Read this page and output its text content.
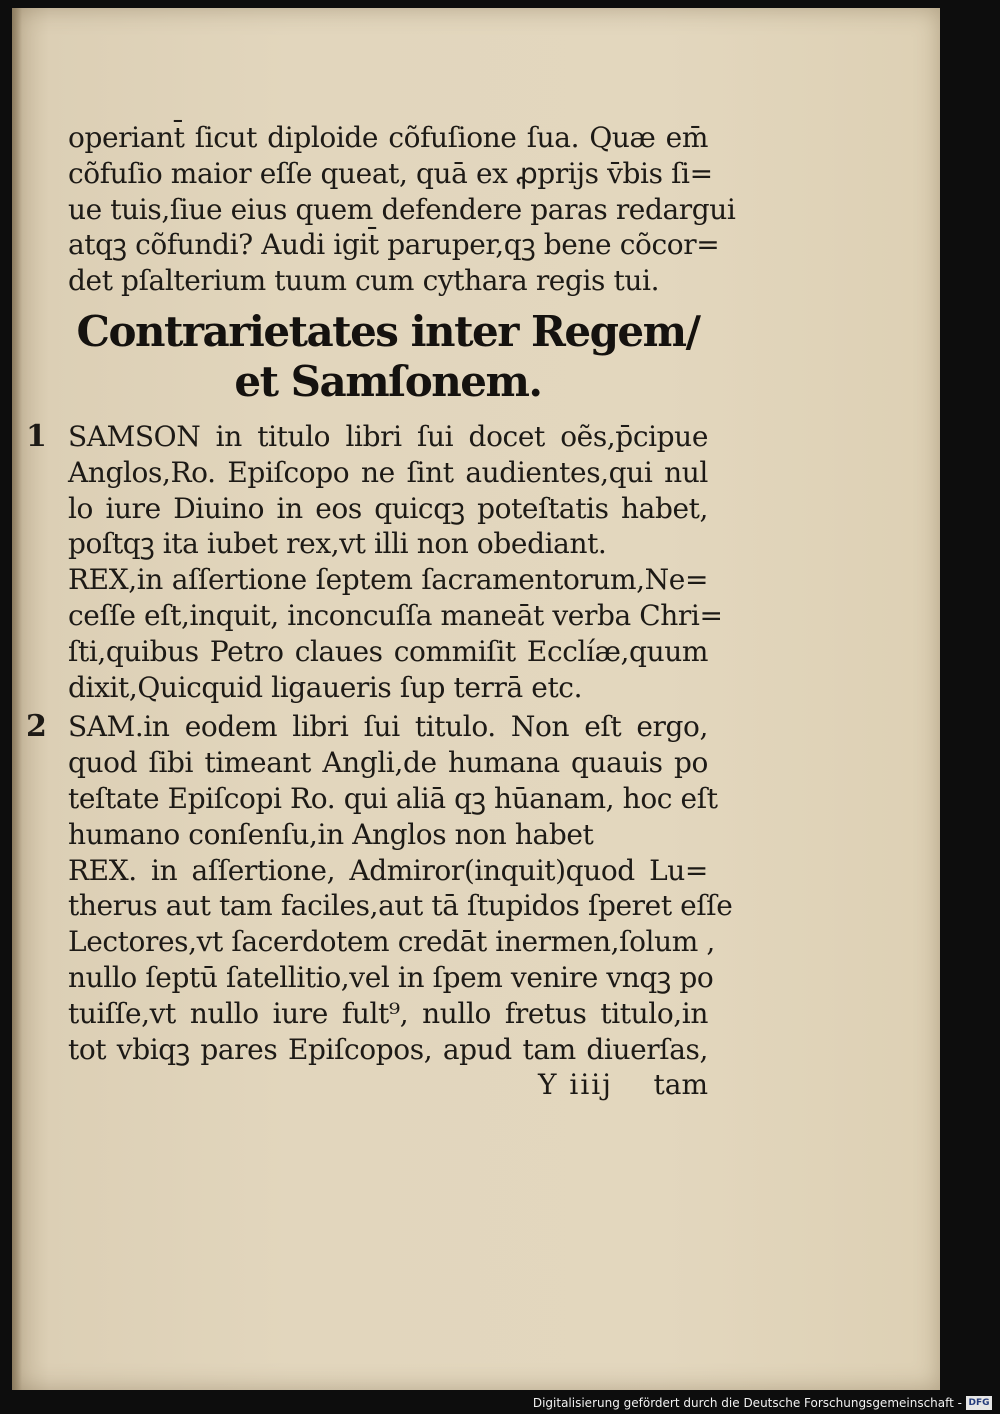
operiant̄ ſicut diploide cõfuſione ſua. Quæ em̄
cõfuſio maior eſſe queat, quā ex ꝓprijs v̄bis ſi=
ue tuis,ſiue eius quem defendere paras redargui
atqꝫ cõfundi? Audi igit̄ paruper,qꝫ bene cõcor=
det pſalterium tuum cum cythara regis tui.
Contrarietates inter Regem/
et Samſonem.
1 SAMSON in titulo libri ſui docet oẽs,p̄cipue
Anglos,Ro. Epiſcopo ne ſint audientes,qui nul
lo iure Diuino in eos quicqꝫ poteſtatis habet,
poſtqꝫ ita iubet rex,vt illi non obediant.
REX,in aſſertione ſeptem ſacramentorum,Ne=
ceſſe eſt,inquit, inconcuſſa maneāt verba Chri=
ſti,quibus Petro claues commiſit Ecclíæ,quum
dixit,Quicquid ligaueris ſup terrā etc.
2 SAM.in eodem libri ſui titulo. Non eſt ergo,
quod ſibi timeant Angli,de humana quauis po
teſtate Epiſcopi Ro. qui aliā qꝫ hūanam, hoc eſt
humano conſenſu,in Anglos non habet
REX. in aſſertione, Admiror(inquit)quod Lu=
therus aut tam faciles,aut tā ſtupidos ſperet eſſe
Lectores,vt ſacerdotem credāt inermen,ſolum ,
nullo ſeptū ſatellitio,vel in ſpem venire vnqꝫ po
tuiſſe,vt nullo iure fult⁹, nullo fretus titulo,in
tot vbiqꝫ pares Epiſcopos, apud tam diuerſas,
Y iiij tam
Digitalisierung gefördert durch die Deutsche Forschungsgemeinschaft - DFG
